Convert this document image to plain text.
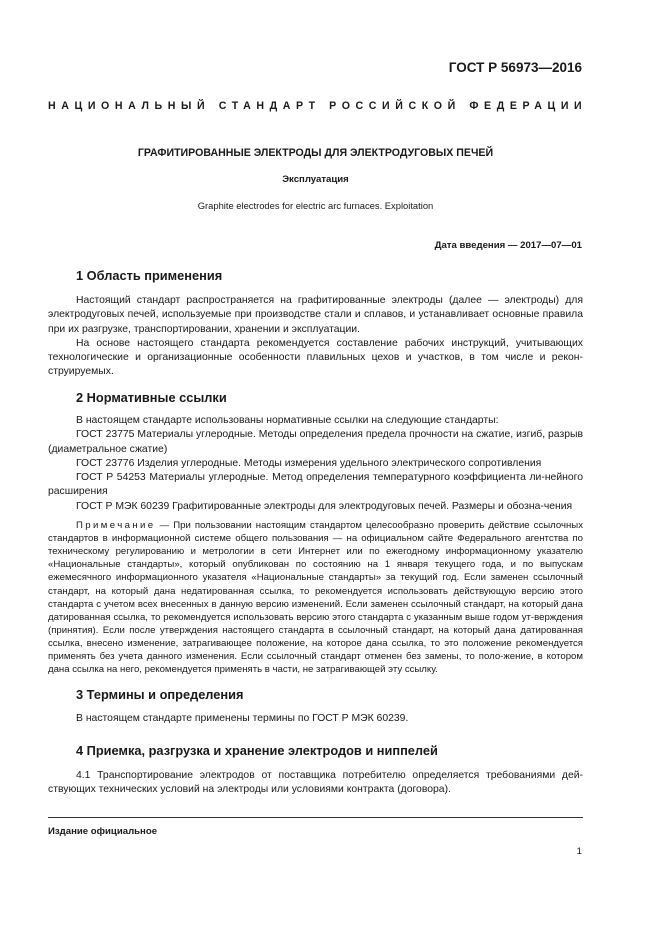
ГОСТ Р 56973—2016
НАЦИОНАЛЬНЫЙ СТАНДАРТ РОССИЙСКОЙ ФЕДЕРАЦИИ
ГРАФИТИРОВАННЫЕ ЭЛЕКТРОДЫ ДЛЯ ЭЛЕКТРОДУГОВЫХ ПЕЧЕЙ
Эксплуатация
Graphite electrodes for electric arc furnaces. Exploitation
Дата введения — 2017—07—01
1 Область применения

Настоящий стандарт распространяется на графитированные электроды (далее — электроды) для электродуговых печей, используемые при производстве стали и сплавов, и устанавливает основные правила при их разгрузке, транспортировании, хранении и эксплуатации.

На основе настоящего стандарта рекомендуется составление рабочих инструкций, учитывающих технологические и организационные особенности плавильных цехов и участков, в том числе и рекон-струируемых.

2 Нормативные ссылки

В настоящем стандарте использованы нормативные ссылки на следующие стандарты:

ГОСТ 23775 Материалы углеродные. Методы определения предела прочности на сжатие, изгиб, разрыв (диаметральное сжатие)

ГОСТ 23776 Изделия углеродные. Методы измерения удельного электрического сопротивления

ГОСТ Р 54253 Материалы углеродные. Метод определения температурного коэффициента ли-нейного расширения

ГОСТ Р МЭК 60239 Графитированные электроды для электродуговых печей. Размеры и обозна-чения

Примечание — При пользовании настоящим стандартом целесообразно проверить действие ссылочных стандартов в информационной системе общего пользования — на официальном сайте Федерального агентства по техническому регулированию и метрологии в сети Интернет или по ежегодному информационному указателю «Национальные стандарты», который опубликован по состоянию на 1 января текущего года, и по выпускам ежемесячного информационного указателя «Национальные стандарты» за текущий год. Если заменен ссылочный стандарт, на который дана недатированная ссылка, то рекомендуется использовать действующую версию этого стандарта с учетом всех внесенных в данную версию изменений. Если заменен ссылочный стандарт, на который дана датированная ссылка, то рекомендуется использовать версию этого стандарта с указанным выше годом ут-верждения (принятия). Если после утверждения настоящего стандарта в ссылочный стандарт, на который дана датированная ссылка, внесено изменение, затрагивающее положение, на которое дана ссылка, то это положение рекомендуется применять без учета данного изменения. Если ссылочный стандарт отменен без замены, то поло-жение, в котором дана ссылка на него, рекомендуется применять в части, не затрагивающей эту ссылку.

3 Термины и определения

В настоящем стандарте применены термины по ГОСТ Р МЭК 60239.

4 Приемка, разгрузка и хранение электродов и ниппелей

4.1 Транспортирование электродов от поставщика потребителю определяется требованиями дей-ствующих технических условий на электроды или условиями контракта (договора).

Издание официальное
1
